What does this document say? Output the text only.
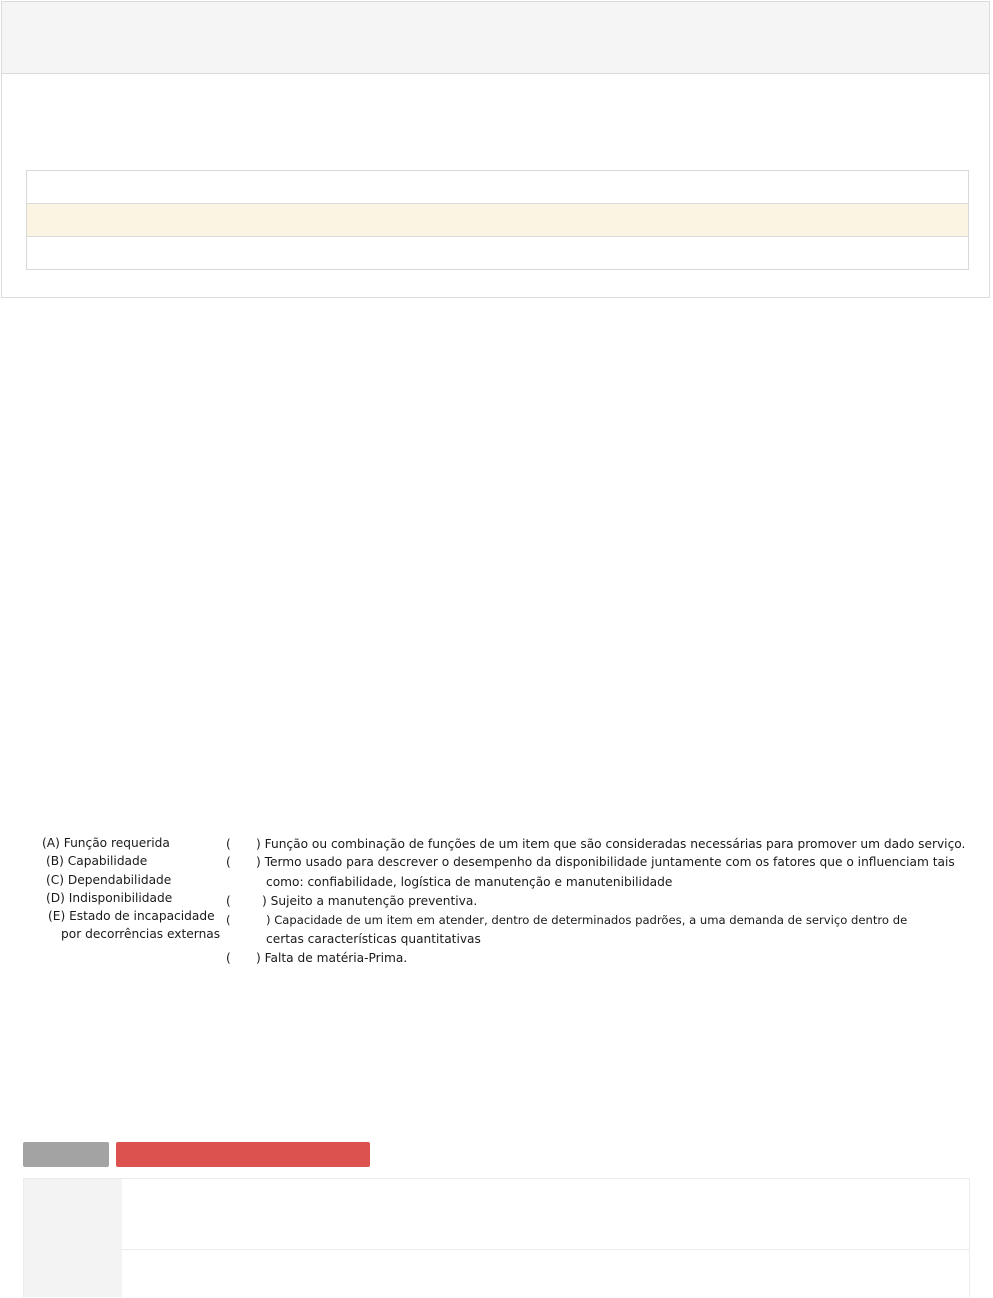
(A) Função requerida
(B) Capabilidade
(C) Dependabilidade
(D) Indisponibilidade
(E) Estado de incapacidade
por decorrências externas
( ) Função ou combinação de funções de um item que são consideradas necessárias para promover um dado serviço.
( ) Termo usado para descrever o desempenho da disponibilidade juntamente com os fatores que o influenciam tais
como: confiabilidade, logística de manutenção e manutenibilidade
(	) Sujeito a manutenção preventiva.
(	) Capacidade de um item em atender, dentro de determinados padrões, a uma demanda de serviço dentro de
certas características quantitativas
( ) Falta de matéria-Prima.
